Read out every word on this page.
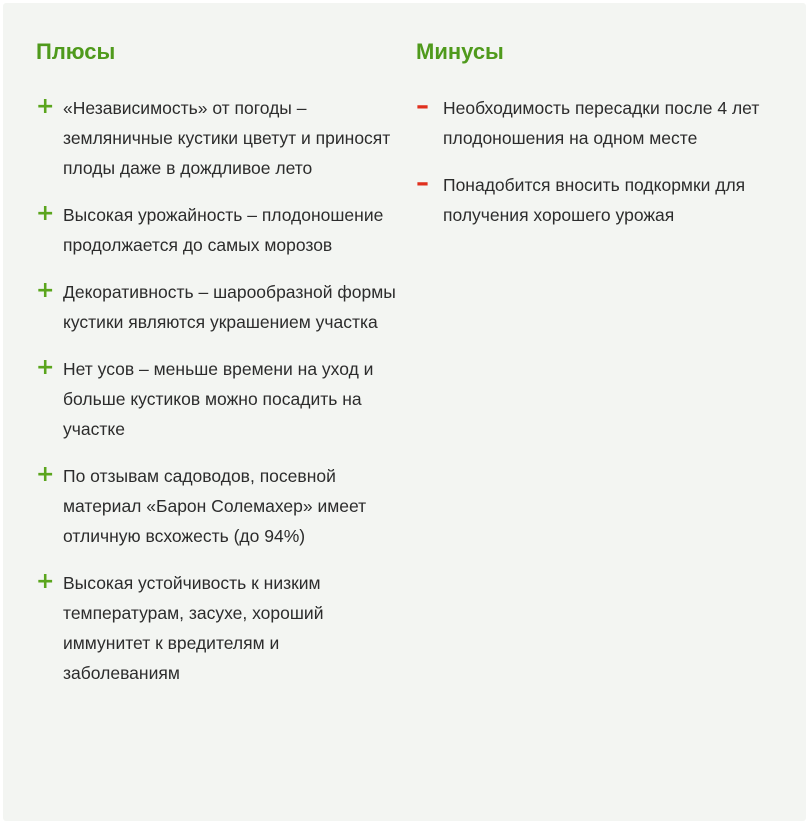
Плюсы
+ «Независимость» от погоды – земляничные кустики цветут и приносят плоды даже в дождливое лето
+ Высокая урожайность – плодоношение продолжается до самых морозов
+ Декоративность – шарообразной формы кустики являются украшением участка
+ Нет усов – меньше времени на уход и больше кустиков можно посадить на участке
+ По отзывам садоводов, посевной материал «Барон Солемахер» имеет отличную всхожесть (до 94%)
+ Высокая устойчивость к низким температурам, засухе, хороший иммунитет к вредителям и заболеваниям
Минусы
– Необходимость пересадки после 4 лет плодоношения на одном месте
– Понадобится вносить подкормки для получения хорошего урожая
